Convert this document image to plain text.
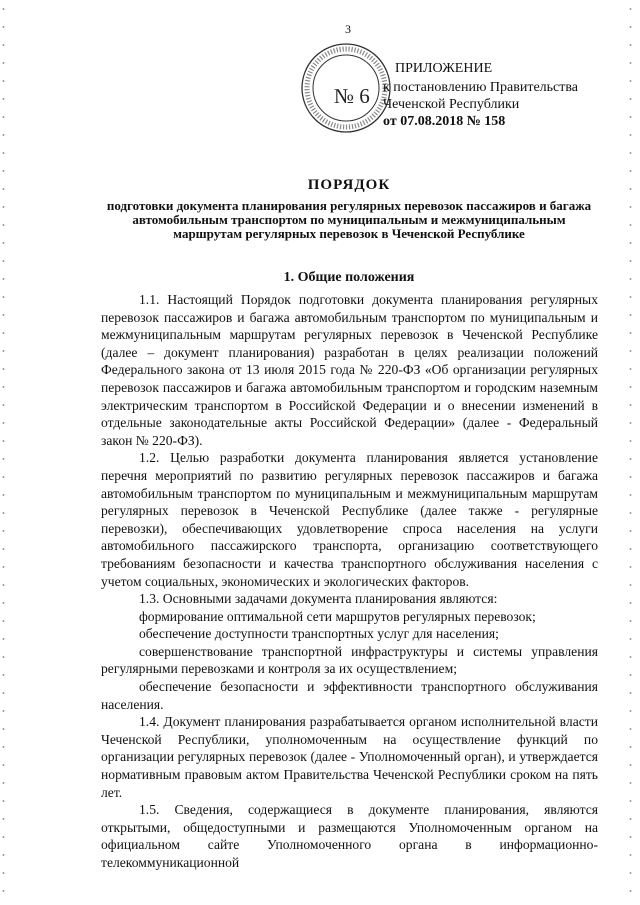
3
№ 6
ПРИЛОЖЕНИЕ
к постановлению Правительства
Чеченской Республики
от 07.08.2018 № 158
ПОРЯДОК
подготовки документа планирования регулярных перевозок пассажиров и багажа автомобильным транспортом по муниципальным и межмуниципальным маршрутам регулярных перевозок в Чеченской Республике
1. Общие положения

1.1. Настоящий Порядок подготовки документа планирования регулярных перевозок пассажиров и багажа автомобильным транспортом по муниципальным и межмуниципальным маршрутам регулярных перевозок в Чеченской Республике (далее – документ планирования) разработан в целях реализации положений Федерального закона от 13 июля 2015 года № 220-ФЗ «Об организации регулярных перевозок пассажиров и багажа автомобильным транспортом и городским наземным электрическим транспортом в Российской Федерации и о внесении изменений в отдельные законодательные акты Российской Федерации» (далее - Федеральный закон № 220-ФЗ).

1.2. Целью разработки документа планирования является установление перечня мероприятий по развитию регулярных перевозок пассажиров и багажа автомобильным транспортом по муниципальным и межмуниципальным маршрутам регулярных перевозок в Чеченской Республике (далее также - регулярные перевозки), обеспечивающих удовлетворение спроса населения на услуги автомобильного пассажирского транспорта, организацию соответствующего требованиям безопасности и качества транспортного обслуживания населения с учетом социальных, экономических и экологических факторов.

1.3. Основными задачами документа планирования являются:

формирование оптимальной сети маршрутов регулярных перевозок;

обеспечение доступности транспортных услуг для населения;

совершенствование транспортной инфраструктуры и системы управления регулярными перевозками и контроля за их осуществлением;

обеспечение безопасности и эффективности транспортного обслуживания населения.

1.4. Документ планирования разрабатывается органом исполнительной власти Чеченской Республики, уполномоченным на осуществление функций по организации регулярных перевозок (далее - Уполномоченный орган), и утверждается нормативным правовым актом Правительства Чеченской Республики сроком на пять лет.

1.5. Сведения, содержащиеся в документе планирования, являются открытыми, общедоступными и размещаются Уполномоченным органом на официальном сайте Уполномоченного органа в информационно-телекоммуникационной
